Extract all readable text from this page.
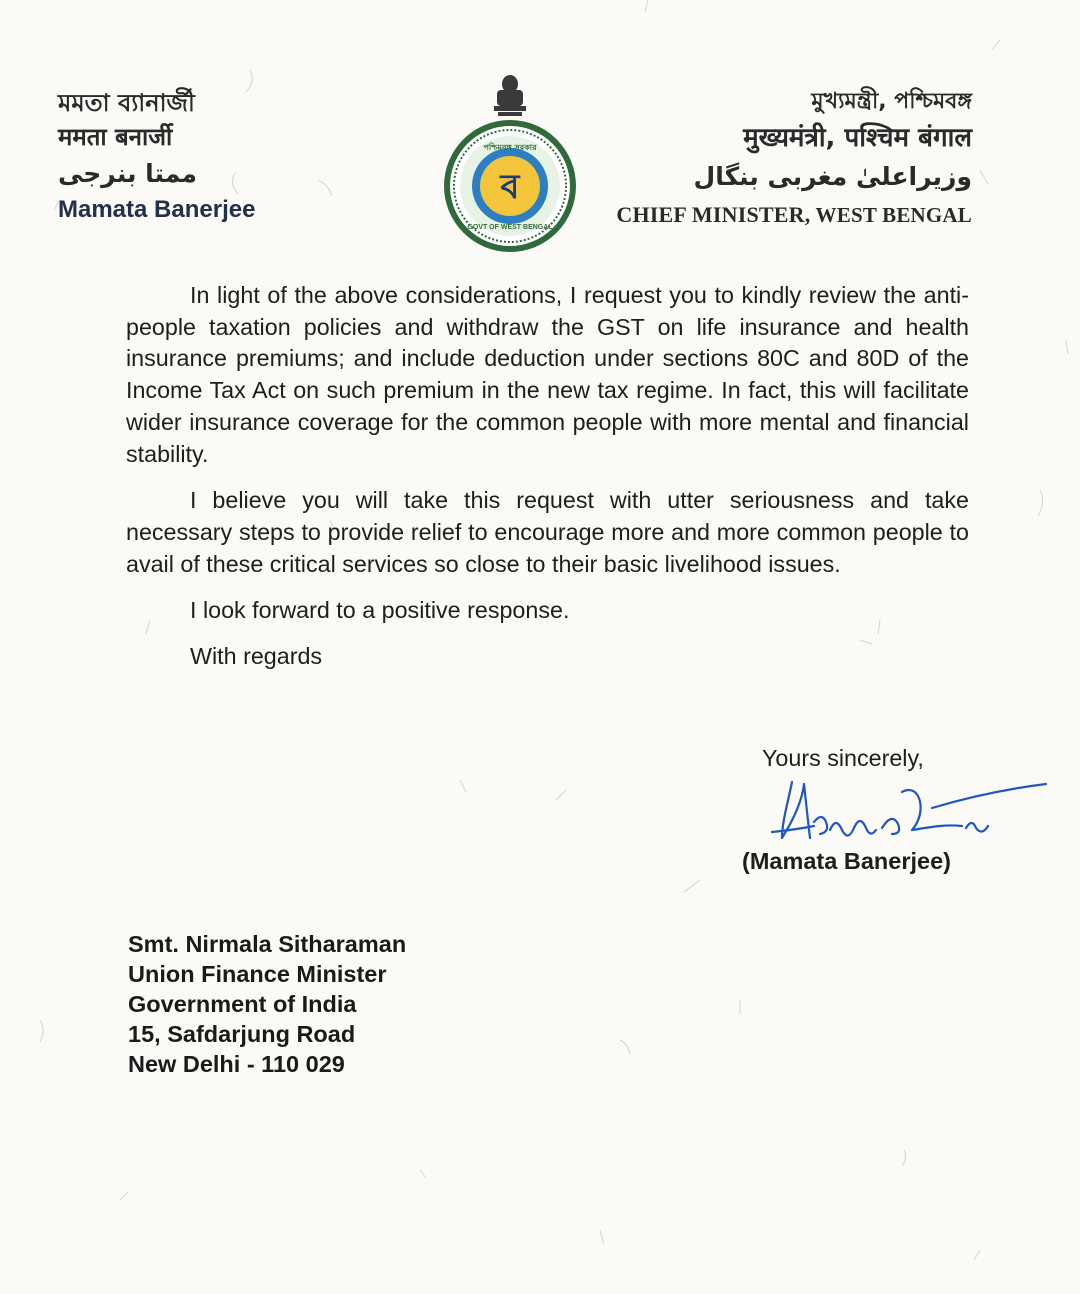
মমতা ব্যানার্জী
ममता बनार्जी
ممتا بنرجی
Mamata Banerjee
ব
পশ্চিমবঙ্গ সরকার
GOVT OF WEST BENGAL
মুখ্যমন্ত্রী, পশ্চিমবঙ্গ
मुख्यमंत्री, पश्चिम बंगाल
وزیراعلیٰ مغربی بنگال
CHIEF MINISTER, WEST BENGAL

In light of the above considerations, I request you to kindly review the anti-people taxation policies and withdraw the GST on life insurance and health insurance premiums; and include deduction under sections 80C and 80D of the Income Tax Act on such premium in the new tax regime. In fact, this will facilitate wider insurance coverage for the common people with more mental and financial stability.

I believe you will take this request with utter seriousness and take necessary steps to provide relief to encourage more and more common people to avail of these critical services so close to their basic livelihood issues.

I look forward to a positive response.

With regards

Yours sincerely,
(Mamata Banerjee)
Smt. Nirmala Sitharaman
Union Finance Minister
Government of India
15, Safdarjung Road
New Delhi - 110 029
